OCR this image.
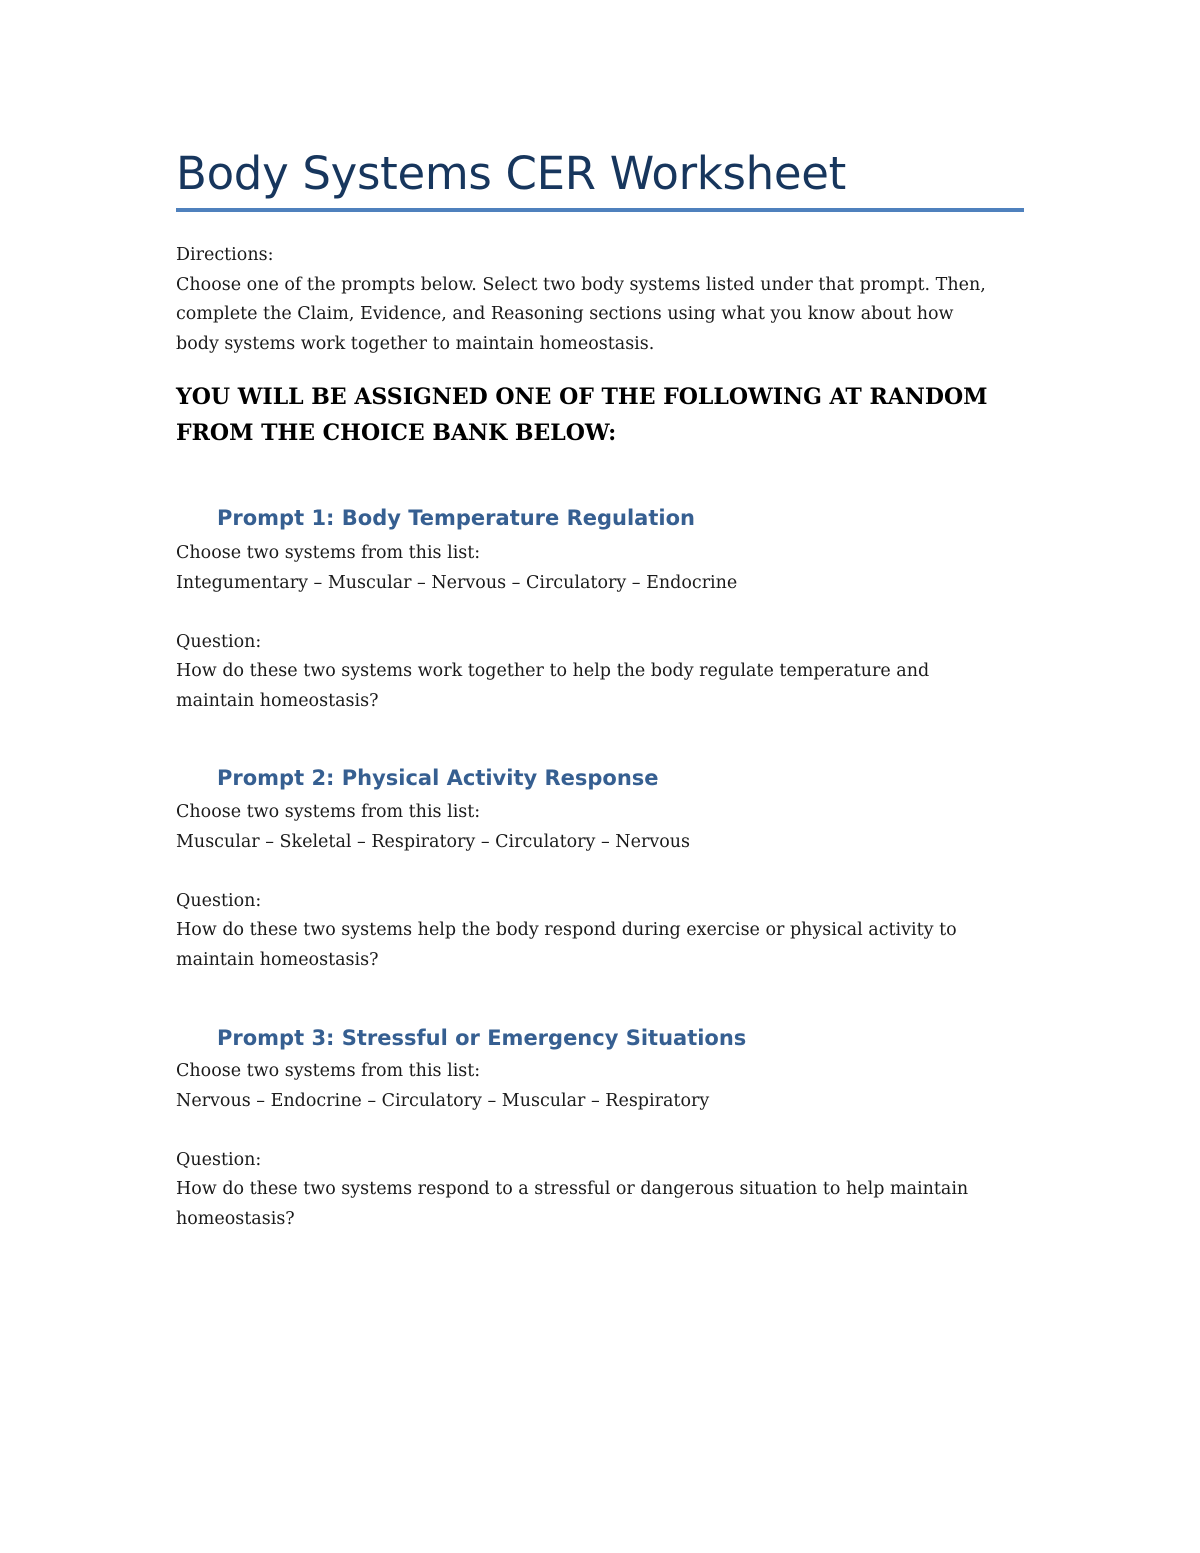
Body Systems CER Worksheet
Directions:
Choose one of the prompts below. Select two body systems listed under that prompt. Then,
complete the Claim, Evidence, and Reasoning sections using what you know about how
body systems work together to maintain homeostasis.
YOU WILL BE ASSIGNED ONE OF THE FOLLOWING AT RANDOM
FROM THE CHOICE BANK BELOW:
Prompt 1: Body Temperature Regulation
Choose two systems from this list:
Integumentary – Muscular – Nervous – Circulatory – Endocrine

Question:
How do these two systems work together to help the body regulate temperature and
maintain homeostasis?
Prompt 2: Physical Activity Response
Choose two systems from this list:
Muscular – Skeletal – Respiratory – Circulatory – Nervous

Question:
How do these two systems help the body respond during exercise or physical activity to
maintain homeostasis?
Prompt 3: Stressful or Emergency Situations
Choose two systems from this list:
Nervous – Endocrine – Circulatory – Muscular – Respiratory

Question:
How do these two systems respond to a stressful or dangerous situation to help maintain
homeostasis?
